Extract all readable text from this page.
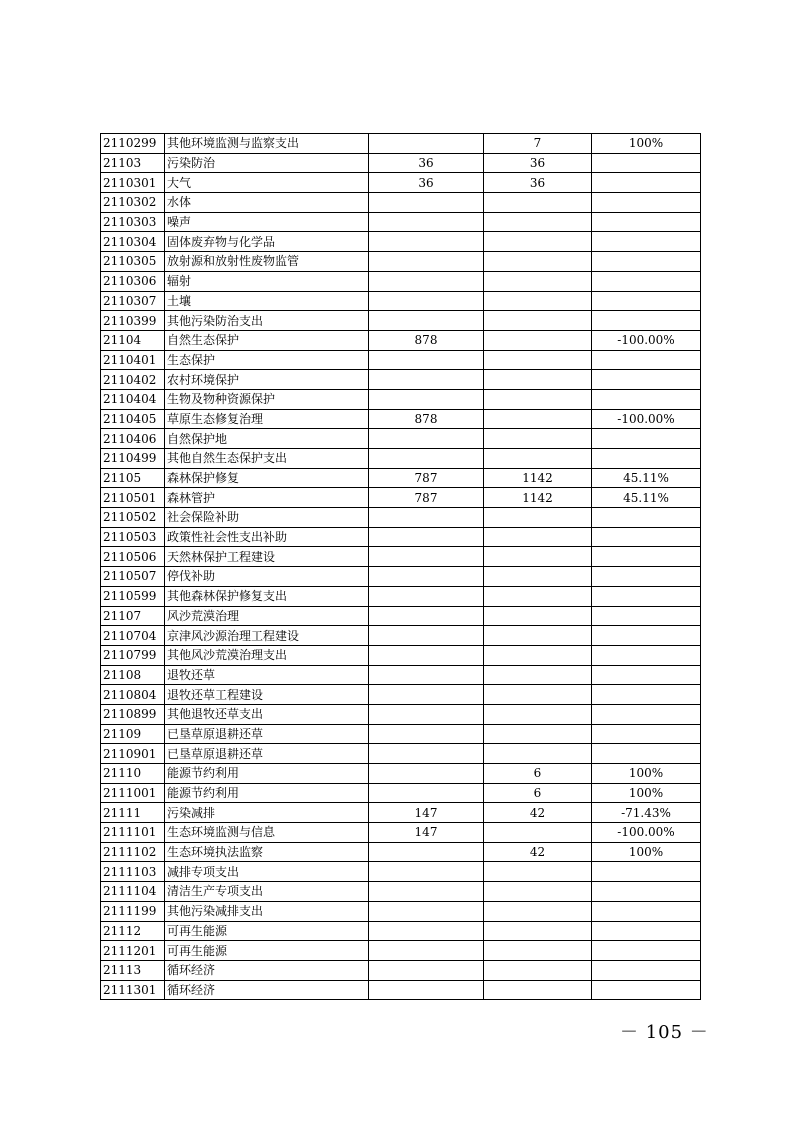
2110299	其他环境监测与监察支出		7	100%
21103	污染防治	36	36	
2110301	大气	36	36	
2110302	水体			
2110303	噪声			
2110304	固体废弃物与化学品			
2110305	放射源和放射性废物监管			
2110306	辐射			
2110307	土壤			
2110399	其他污染防治支出			
21104	自然生态保护	878		-100.00%
2110401	生态保护			
2110402	农村环境保护			
2110404	生物及物种资源保护			
2110405	草原生态修复治理	878		-100.00%
2110406	自然保护地			
2110499	其他自然生态保护支出			
21105	森林保护修复	787	1142	45.11%
2110501	森林管护	787	1142	45.11%
2110502	社会保险补助			
2110503	政策性社会性支出补助			
2110506	天然林保护工程建设			
2110507	停伐补助			
2110599	其他森林保护修复支出			
21107	风沙荒漠治理			
2110704	京津风沙源治理工程建设			
2110799	其他风沙荒漠治理支出			
21108	退牧还草			
2110804	退牧还草工程建设			
2110899	其他退牧还草支出			
21109	已垦草原退耕还草			
2110901	已垦草原退耕还草			
21110	能源节约利用		6	100%
2111001	能源节约利用		6	100%
21111	污染减排	147	42	-71.43%
2111101	生态环境监测与信息	147		-100.00%
2111102	生态环境执法监察		42	100%
2111103	减排专项支出			
2111104	清洁生产专项支出			
2111199	其他污染减排支出			
21112	可再生能源			
2111201	可再生能源			
21113	循环经济			
2111301	循环经济			
－ 105 －
